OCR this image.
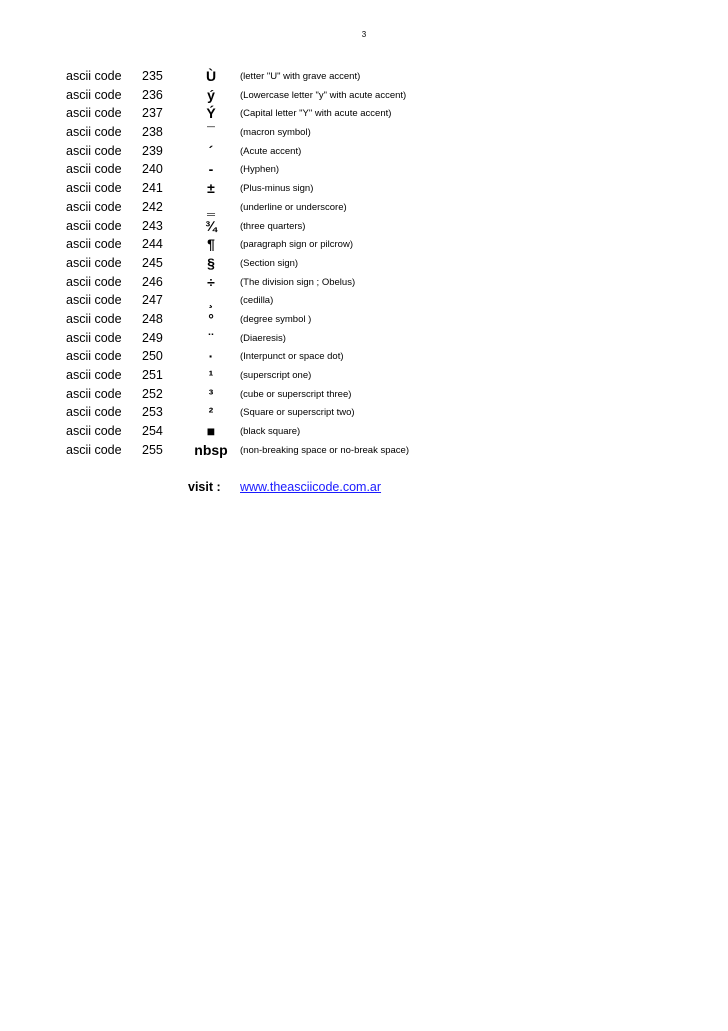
3
ascii code 235	Ù	(letter "U" with grave accent)
ascii code 236	ý	(Lowercase letter "y" with acute accent)
ascii code 237	Ý	(Capital letter "Y" with acute accent)
ascii code 238	¯	(macron symbol)
ascii code 239	´	(Acute accent)
ascii code 240	-	(Hyphen)
ascii code 241	±	(Plus-minus sign)
ascii code 242	‗	(underline or underscore)
ascii code 243	¾	(three quarters)
ascii code 244	¶	(paragraph sign or pilcrow)
ascii code 245	§	(Section sign)
ascii code 246	÷	(The division sign ; Obelus)
ascii code 247	¸	(cedilla)
ascii code 248	°	(degree symbol )
ascii code 249	¨	(Diaeresis)
ascii code 250	·	(Interpunct or space dot)
ascii code 251	¹	(superscript one)
ascii code 252	³	(cube or superscript three)
ascii code 253	²	(Square or superscript two)
ascii code 254	■	(black square)
ascii code 255	nbsp	(non-breaking space or no-break space)
visit : www.theasciicode.com.ar
